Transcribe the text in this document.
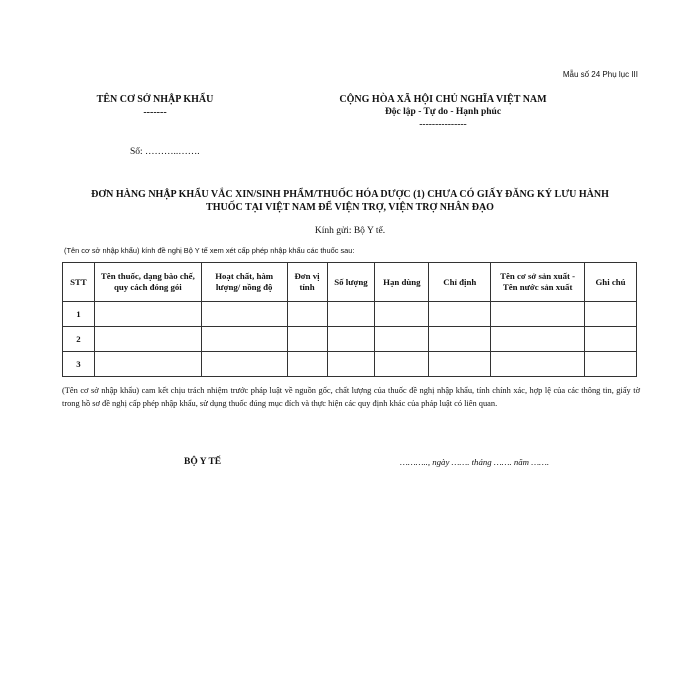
Mẫu số 24 Phụ lục III
TÊN CƠ SỞ NHẬP KHẨU
-------
CỘNG HÒA XÃ HỘI CHỦ NGHĨA VIỆT NAM
Độc lập - Tự do - Hạnh phúc
---------------
Số: ………..…….
ĐƠN HÀNG NHẬP KHẨU VẮC XIN/SINH PHẨM/THUỐC HÓA DƯỢC (1) CHƯA CÓ GIẤY ĐĂNG KÝ LƯU HÀNH
THUỐC TẠI VIỆT NAM ĐỂ VIỆN TRỢ, VIỆN TRỢ NHÂN ĐẠO
Kính gửi: Bộ Y tế.
(Tên cơ sở nhập khẩu) kính đề nghị Bộ Y tế xem xét cấp phép nhập khẩu các thuốc sau:
STT	Tên thuốc, dạng bào chế, quy cách đóng gói	Hoạt chất, hàm lượng/ nồng độ	Đơn vị tính	Số lượng	Hạn dùng	Chỉ định	Tên cơ sở sản xuất - Tên nước sản xuất	Ghi chú
1								
2								
3								
(Tên cơ sở nhập khẩu) cam kết chịu trách nhiệm trước pháp luật về nguồn gốc, chất lượng của thuốc đề nghị nhập khẩu, tính chính xác, hợp lệ của các thông tin, giấy tờ trong hồ sơ đề nghị cấp phép nhập khẩu, sử dụng thuốc đúng mục đích và thực hiện các quy định khác của pháp luật có liên quan.
BỘ Y TẾ	……….., ngày ……. tháng ……. năm …….
